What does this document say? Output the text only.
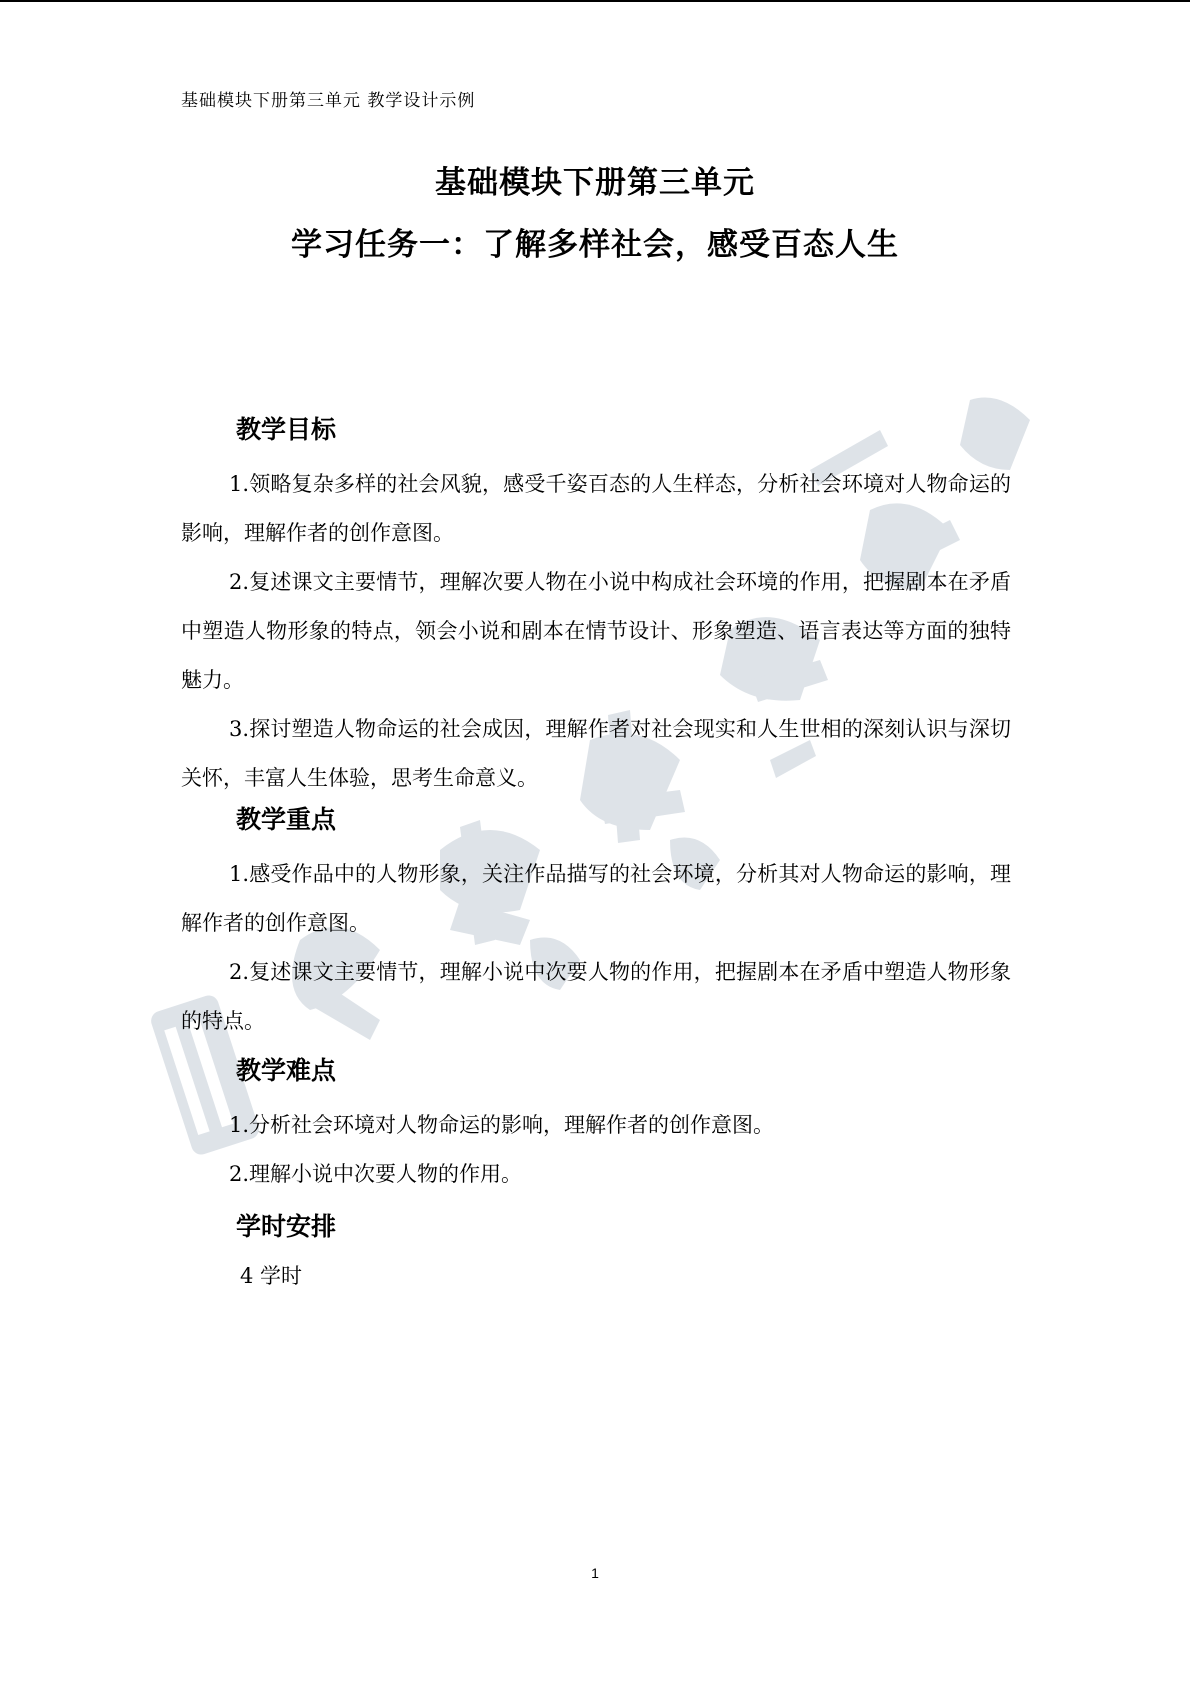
基础模块下册第三单元 教学设计示例
基础模块下册第三单元
学习任务一：了解多样社会，感受百态人生
教学目标

1.领略复杂多样的社会风貌，感受千姿百态的人生样态，分析社会环境对人物命运的影响，理解作者的创作意图。

2.复述课文主要情节，理解次要人物在小说中构成社会环境的作用，把握剧本在矛盾中塑造人物形象的特点，领会小说和剧本在情节设计、形象塑造、语言表达等方面的独特魅力。

3.探讨塑造人物命运的社会成因，理解作者对社会现实和人生世相的深刻认识与深切关怀，丰富人生体验，思考生命意义。

教学重点

1.感受作品中的人物形象，关注作品描写的社会环境，分析其对人物命运的影响，理解作者的创作意图。

2.复述课文主要情节，理解小说中次要人物的作用，把握剧本在矛盾中塑造人物形象的特点。

教学难点

1.分析社会环境对人物命运的影响，理解作者的创作意图。

2.理解小说中次要人物的作用。

学时安排
4 学时
1
